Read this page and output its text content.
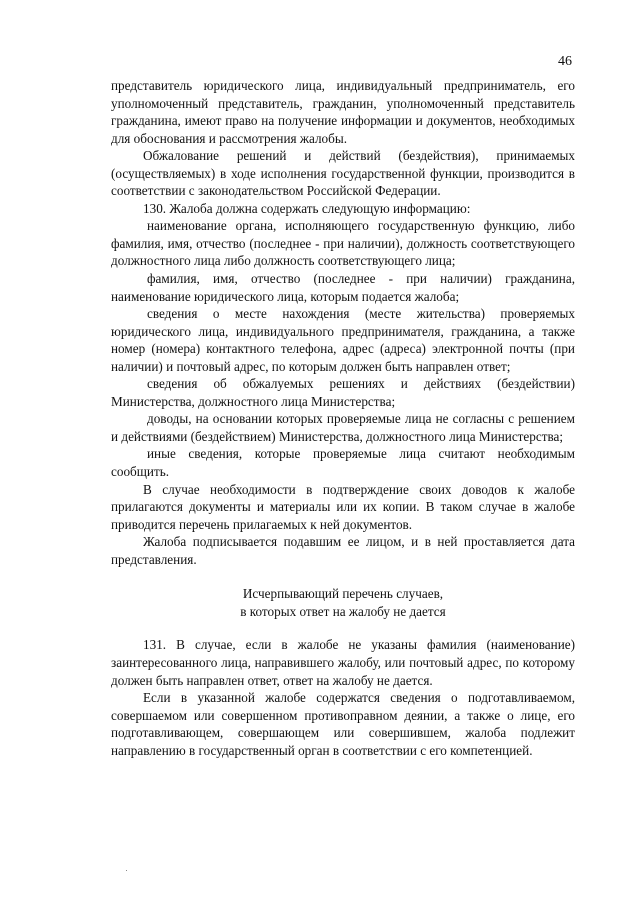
46

представитель юридического лица, индивидуальный предприниматель, его уполномоченный представитель, гражданин, уполномоченный представитель гражданина, имеют право на получение информации и документов, необходимых для обоснования и рассмотрения жалобы.

Обжалование решений и действий (бездействия), принимаемых (осуществляемых) в ходе исполнения государственной функции, производится в соответствии с законодательством Российской Федерации.

130. Жалоба должна содержать следующую информацию:

наименование органа, исполняющего государственную функцию, либо фамилия, имя, отчество (последнее - при наличии), должность соответствующего должностного лица либо должность соответствующего лица;

фамилия, имя, отчество (последнее - при наличии) гражданина, наименование юридического лица, которым подается жалоба;

сведения о месте нахождения (месте жительства) проверяемых юридического лица, индивидуального предпринимателя, гражданина, а также номер (номера) контактного телефона, адрес (адреса) электронной почты (при наличии) и почтовый адрес, по которым должен быть направлен ответ;

сведения об обжалуемых решениях и действиях (бездействии) Министерства, должностного лица Министерства;

доводы, на основании которых проверяемые лица не согласны с решением и действиями (бездействием) Министерства, должностного лица Министерства;

иные сведения, которые проверяемые лица считают необходимым сообщить.

В случае необходимости в подтверждение своих доводов к жалобе прилагаются документы и материалы или их копии. В таком случае в жалобе приводится перечень прилагаемых к ней документов.

Жалоба подписывается подавшим ее лицом, и в ней проставляется дата представления.

Исчерпывающий перечень случаев,
в которых ответ на жалобу не дается

131. В случае, если в жалобе не указаны фамилия (наименование) заинтересованного лица, направившего жалобу, или почтовый адрес, по которому должен быть направлен ответ, ответ на жалобу не дается.

Если в указанной жалобе содержатся сведения о подготавливаемом, совершаемом или совершенном противоправном деянии, а также о лице, его подготавливающем, совершающем или совершившем, жалоба подлежит направлению в государственный орган в соответствии с его компетенцией.
